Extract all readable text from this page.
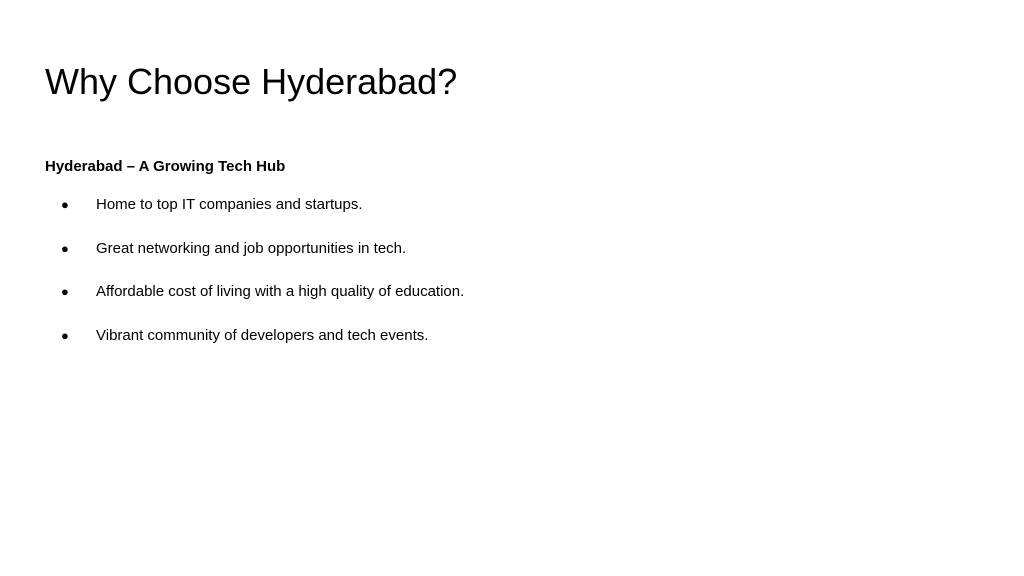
Why Choose Hyderabad?
Hyderabad – A Growing Tech Hub
● Home to top IT companies and startups.
● Great networking and job opportunities in tech.
● Affordable cost of living with a high quality of education.
● Vibrant community of developers and tech events.
